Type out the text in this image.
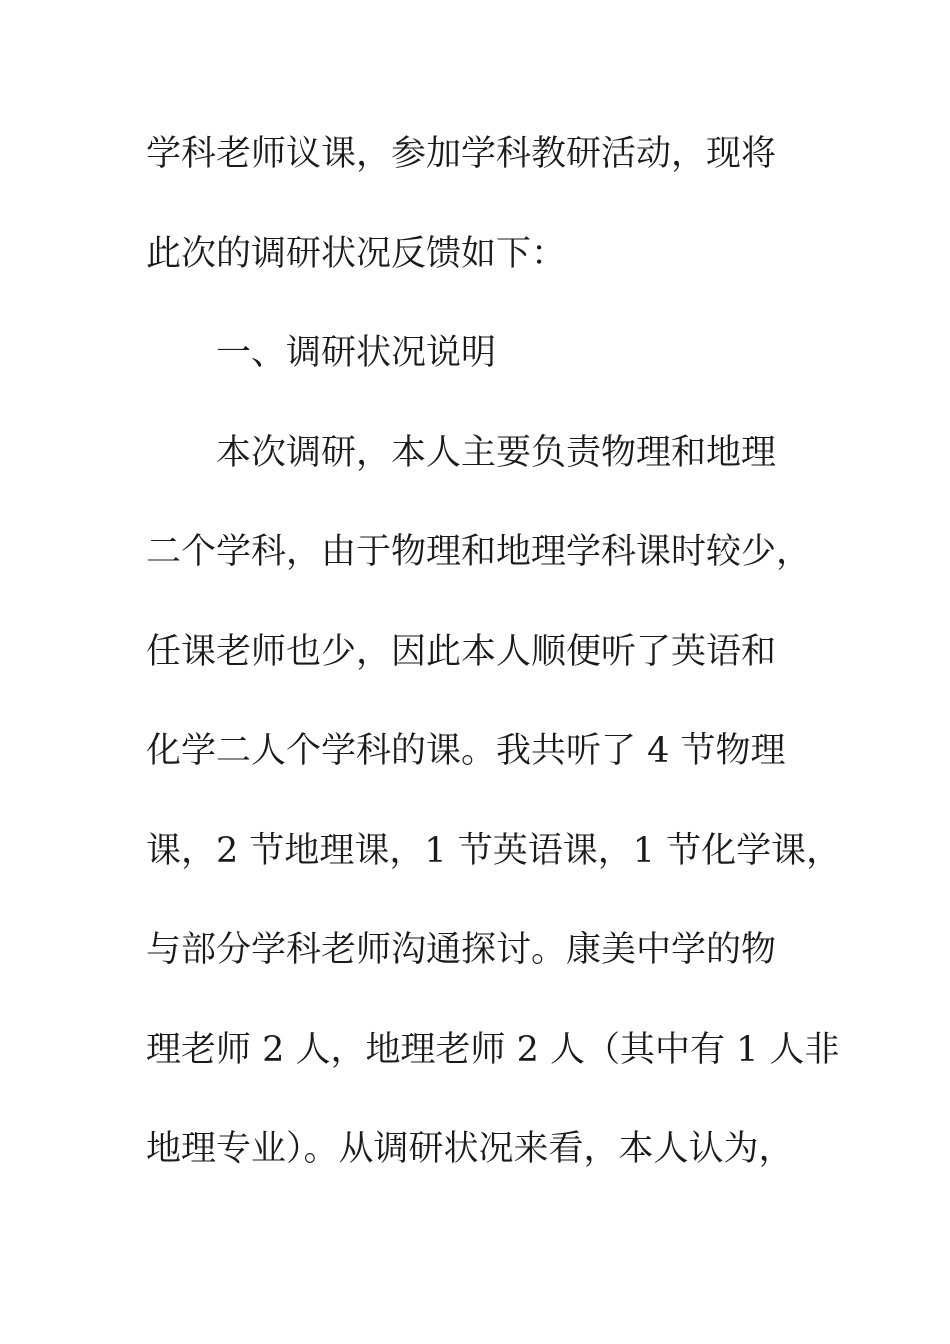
学科老师议课，参加学科教研活动，现将

此次的调研状况反馈如下：

一、调研状况说明

本次调研，本人主要负责物理和地理

二个学科，由于物理和地理学科课时较少，

任课老师也少，因此本人顺便听了英语和

化学二人个学科的课。我共听了 4 节物理

课，2 节地理课，1 节英语课，1 节化学课，

与部分学科老师沟通探讨。康美中学的物

理老师 2 人，地理老师 2 人（其中有 1 人非

地理专业）。从调研状况来看，本人认为，
